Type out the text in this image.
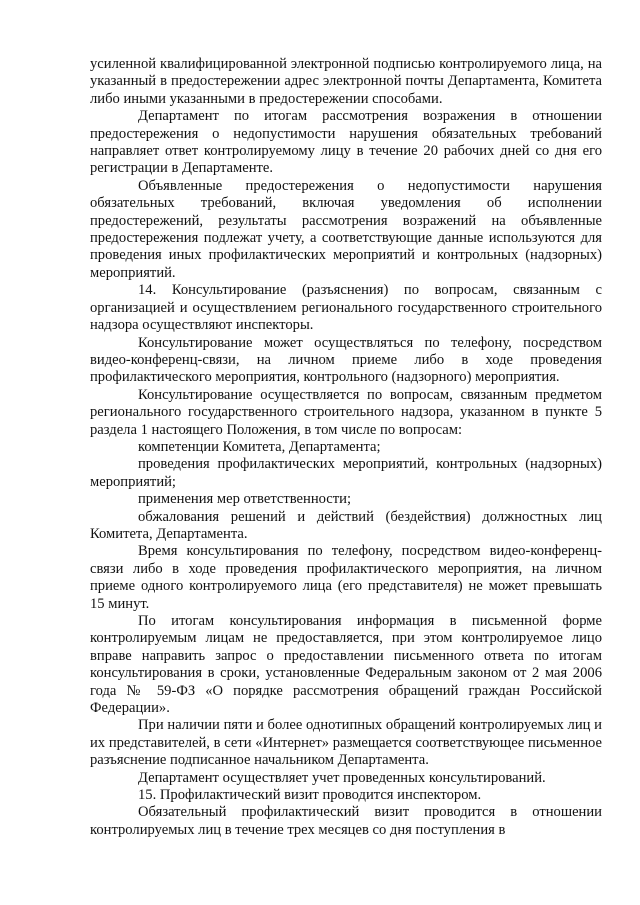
усиленной квалифицированной электронной подписью контролируемого лица, на указанный в предостережении адрес электронной почты Департамента, Комитета либо иными указанными в предостережении способами.

Департамент по итогам рассмотрения возражения в отношении предостережения о недопустимости нарушения обязательных требований направляет ответ контролируемому лицу в течение 20 рабочих дней со дня его регистрации в Департаменте.

Объявленные предостережения о недопустимости нарушения обязательных требований, включая уведомления об исполнении предостережений, результаты рассмотрения возражений на объявленные предостережения подлежат учету, а соответствующие данные используются для проведения иных профилактических мероприятий и контрольных (надзорных) мероприятий.

14. Консультирование (разъяснения) по вопросам, связанным с организацией и осуществлением регионального государственного строительного надзора осуществляют инспекторы.

Консультирование может осуществляться по телефону, посредством видео-конференц-связи, на личном приеме либо в ходе проведения профилактического мероприятия, контрольного (надзорного) мероприятия.

Консультирование осуществляется по вопросам, связанным предметом регионального государственного строительного надзора, указанном в пункте 5 раздела 1 настоящего Положения, в том числе по вопросам:

компетенции Комитета, Департамента;

проведения профилактических мероприятий, контрольных (надзорных) мероприятий;

применения мер ответственности;

обжалования решений и действий (бездействия) должностных лиц Комитета, Департамента.

Время консультирования по телефону, посредством видео-конференц-связи либо в ходе проведения профилактического мероприятия, на личном приеме одного контролируемого лица (его представителя) не может превышать 15 минут.

По итогам консультирования информация в письменной форме контролируемым лицам не предоставляется, при этом контролируемое лицо вправе направить запрос о предоставлении письменного ответа по итогам консультирования в сроки, установленные Федеральным законом от 2 мая 2006 года № 59-ФЗ «О порядке рассмотрения обращений граждан Российской Федерации».

При наличии пяти и более однотипных обращений контролируемых лиц и их представителей, в сети «Интернет» размещается соответствующее письменное разъяснение подписанное начальником Департамента.

Департамент осуществляет учет проведенных консультирований.

15. Профилактический визит проводится инспектором.

Обязательный профилактический визит проводится в отношении контролируемых лиц в течение трех месяцев со дня поступления в
